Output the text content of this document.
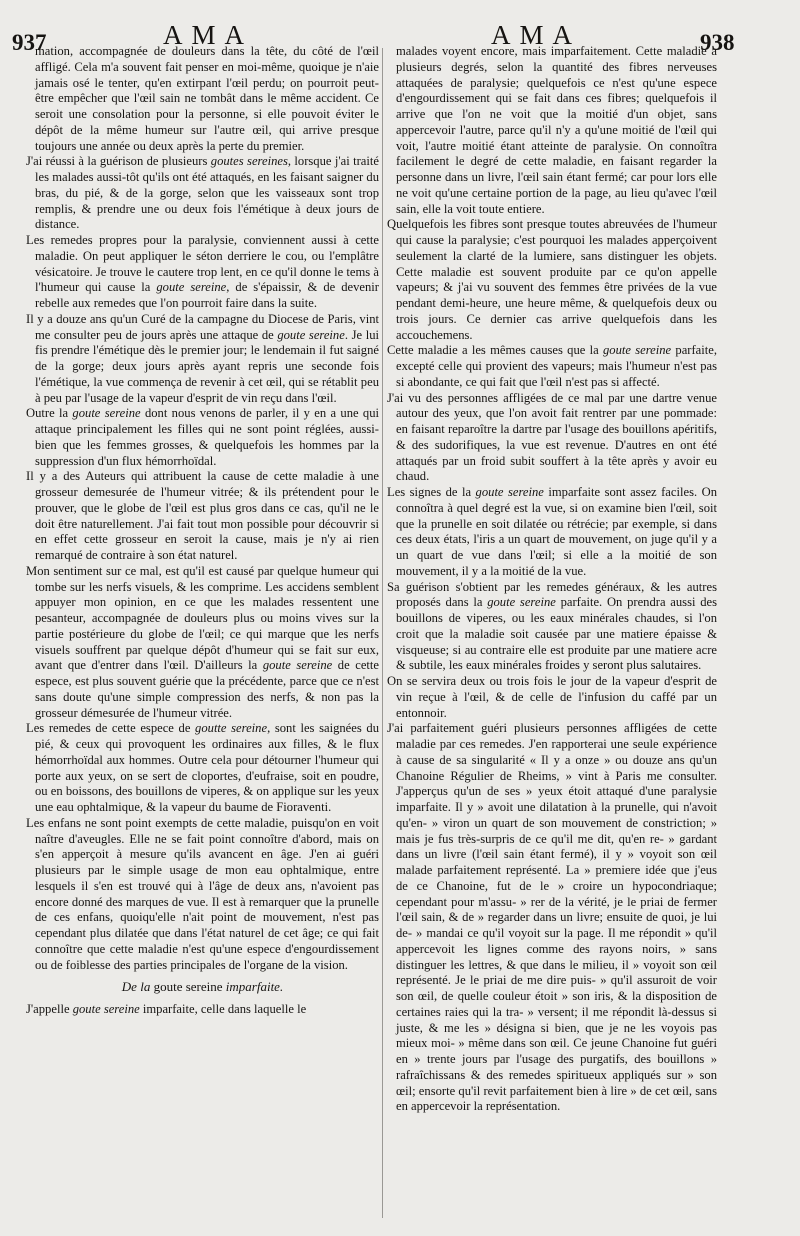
937	AMA	AMA	938

mation, accompagnée de douleurs dans la tête, du côté de l'œil affligé. Cela m'a souvent fait penser en moi-même, quoique je n'aie jamais osé le tenter, qu'en extirpant l'œil perdu; on pourroit peut-être empêcher que l'œil sain ne tombât dans le même accident. Ce seroit une consolation pour la personne, si elle pouvoit éviter le dépôt de la même humeur sur l'autre œil, qui arrive presque toujours une année ou deux après la perte du premier.

J'ai réussi à la guérison de plusieurs goutes sereines, lorsque j'ai traité les malades aussi-tôt qu'ils ont été attaqués, en les faisant saigner du bras, du pié, & de la gorge, selon que les vaisseaux sont trop remplis, & prendre une ou deux fois l'émétique à deux jours de distance.

Les remedes propres pour la paralysie, conviennent aussi à cette maladie. On peut appliquer le séton derriere le cou, ou l'emplâtre vésicatoire. Je trouve le cautere trop lent, en ce qu'il donne le tems à l'humeur qui cause la goute sereine, de s'épaissir, & de devenir rebelle aux remedes que l'on pourroit faire dans la suite.

Il y a douze ans qu'un Curé de la campagne du Diocese de Paris, vint me consulter peu de jours après une attaque de goute sereine. Je lui fis prendre l'émétique dès le premier jour; le lendemain il fut saigné de la gorge; deux jours après ayant repris une seconde fois l'émétique, la vue commença de revenir à cet œil, qui se rétablit peu à peu par l'usage de la vapeur d'esprit de vin reçu dans l'œil.

Outre la goute sereine dont nous venons de parler, il y en a une qui attaque principalement les filles qui ne sont point réglées, aussi-bien que les femmes grosses, & quelquefois les hommes par la suppression d'un flux hémorrhoïdal.

Il y a des Auteurs qui attribuent la cause de cette maladie à une grosseur demesurée de l'humeur vitrée; & ils prétendent pour le prouver, que le globe de l'œil est plus gros dans ce cas, qu'il ne le doit être naturellement. J'ai fait tout mon possible pour découvrir si en effet cette grosseur en seroit la cause, mais je n'y ai rien remarqué de contraire à son état naturel.

Mon sentiment sur ce mal, est qu'il est causé par quelque humeur qui tombe sur les nerfs visuels, & les comprime. Les accidens semblent appuyer mon opinion, en ce que les malades ressentent une pesanteur, accompagnée de douleurs plus ou moins vives sur la partie postérieure du globe de l'œil; ce qui marque que les nerfs visuels souffrent par quelque dépôt d'humeur qui se fait sur eux, avant que d'entrer dans l'œil. D'ailleurs la goute sereine de cette espece, est plus souvent guérie que la précédente, parce que ce n'est sans doute qu'une simple compression des nerfs, & non pas la grosseur démesurée de l'humeur vitrée.

Les remedes de cette espece de goutte sereine, sont les saignées du pié, & ceux qui provoquent les ordinaires aux filles, & le flux hémorrhoïdal aux hommes. Outre cela pour détourner l'humeur qui porte aux yeux, on se sert de cloportes, d'eufraise, soit en poudre, ou en boissons, des bouillons de viperes, & on applique sur les yeux une eau ophtalmique, & la vapeur du baume de Fioraventi.

Les enfans ne sont point exempts de cette maladie, puisqu'on en voit naître d'aveugles. Elle ne se fait point connoître d'abord, mais on s'en apperçoit à mesure qu'ils avancent en âge. J'en ai guéri plusieurs par le simple usage de mon eau ophtalmique, entre lesquels il s'en est trouvé qui à l'âge de deux ans, n'avoient pas encore donné des marques de vue. Il est à remarquer que la prunelle de ces enfans, quoiqu'elle n'ait point de mouvement, n'est pas cependant plus dilatée que dans l'état naturel de cet âge; ce qui fait connoître que cette maladie n'est qu'une espece d'engourdissement ou de foiblesse des parties principales de l'organe de la vision.

De la goute sereine imparfaite.

J'appelle goute sereine imparfaite, celle dans laquelle le

malades voyent encore, mais imparfaitement. Cette maladie a plusieurs degrés, selon la quantité des fibres nerveuses attaquées de paralysie; quelquefois ce n'est qu'une espece d'engourdissement qui se fait dans ces fibres; quelquefois il arrive que l'on ne voit que la moitié d'un objet, sans appercevoir l'autre, parce qu'il n'y a qu'une moitié de l'œil qui voit, l'autre moitié étant atteinte de paralysie. On connoîtra facilement le degré de cette maladie, en faisant regarder la personne dans un livre, l'œil sain étant fermé; car pour lors elle ne voit qu'une certaine portion de la page, au lieu qu'avec l'œil sain, elle la voit toute entiere.

Quelquefois les fibres sont presque toutes abreuvées de l'humeur qui cause la paralysie; c'est pourquoi les malades apperçoivent seulement la clarté de la lumiere, sans distinguer les objets. Cette maladie est souvent produite par ce qu'on appelle vapeurs; & j'ai vu souvent des femmes être privées de la vue pendant demi-heure, une heure même, & quelquefois deux ou trois jours. Ce dernier cas arrive quelquefois dans les accouchemens.

Cette maladie a les mêmes causes que la goute sereine parfaite, excepté celle qui provient des vapeurs; mais l'humeur n'est pas si abondante, ce qui fait que l'œil n'est pas si affecté.

J'ai vu des personnes affligées de ce mal par une dartre venue autour des yeux, que l'on avoit fait rentrer par une pommade: en faisant reparoître la dartre par l'usage des bouillons apéritifs, & des sudorifiques, la vue est revenue. D'autres en ont été attaqués par un froid subit souffert à la tête après y avoir eu chaud.

Les signes de la goute sereine imparfaite sont assez faciles. On connoîtra à quel degré est la vue, si on examine bien l'œil, soit que la prunelle en soit dilatée ou rétrécie; par exemple, si dans ces deux états, l'iris a un quart de mouvement, on juge qu'il y a un quart de vue dans l'œil; si elle a la moitié de son mouvement, il y a la moitié de la vue.

Sa guérison s'obtient par les remedes généraux, & les autres proposés dans la goute sereine parfaite. On prendra aussi des bouillons de viperes, ou les eaux minérales chaudes, si l'on croit que la maladie soit causée par une matiere épaisse & visqueuse; si au contraire elle est produite par une matiere acre & subtile, les eaux minérales froides y seront plus salutaires.

On se servira deux ou trois fois le jour de la vapeur d'esprit de vin reçue à l'œil, & de celle de l'infusion du caffé par un entonnoir.

J'ai parfaitement guéri plusieurs personnes affligées de cette maladie par ces remedes. J'en rapporterai une seule expérience à cause de sa singularité « Il y a onze » ou douze ans qu'un Chanoine Régulier de Rheims, » vint à Paris me consulter. J'apperçus qu'un de ses » yeux étoit attaqué d'une paralysie imparfaite. Il y » avoit une dilatation à la prunelle, qui n'avoit qu'en- » viron un quart de son mouvement de constriction; » mais je fus très-surpris de ce qu'il me dit, qu'en re- » gardant dans un livre (l'œil sain étant fermé), il y » voyoit son œil malade parfaitement représenté. La » premiere idée que j'eus de ce Chanoine, fut de le » croire un hypocondriaque; cependant pour m'assu- » rer de la vérité, je le priai de fermer l'œil sain, & de » regarder dans un livre; ensuite de quoi, je lui de- » mandai ce qu'il voyoit sur la page. Il me répondit » qu'il appercevoit les lignes comme des rayons noirs, » sans distinguer les lettres, & que dans le milieu, il » voyoit son œil représenté. Je le priai de me dire puis- » qu'il assuroit de voir son œil, de quelle couleur étoit » son iris, & la disposition de certaines raies qui la tra- » versent; il me répondit là-dessus si juste, & me les » désigna si bien, que je ne les voyois pas mieux moi- » même dans son œil. Ce jeune Chanoine fut guéri en » trente jours par l'usage des purgatifs, des bouillons » rafraîchissans & des remedes spiritueux appliqués sur » son œil; ensorte qu'il revit parfaitement bien à lire » de cet œil, sans en appercevoir la représentation.
